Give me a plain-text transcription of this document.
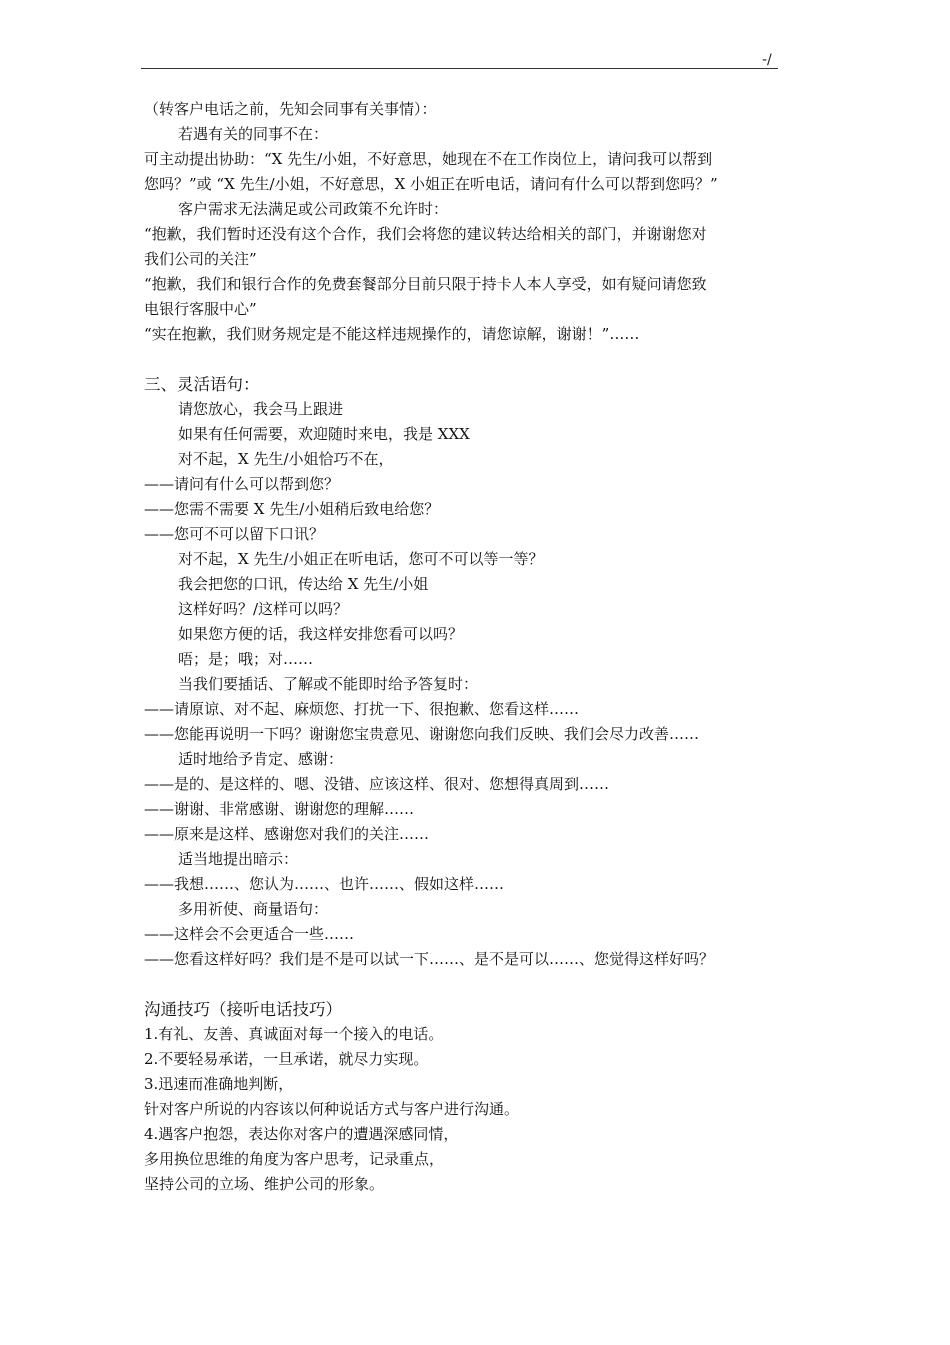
-/
（转客户电话之前，先知会同事有关事情）：
若遇有关的同事不在：
可主动提出协助：“X 先生/小姐，不好意思，她现在不在工作岗位上，请问我可以帮到
您吗？”或 “X 先生/小姐，不好意思，X 小姐正在听电话，请问有什么可以帮到您吗？”
客户需求无法满足或公司政策不允许时：
“抱歉，我们暂时还没有这个合作，我们会将您的建议转达给相关的部门，并谢谢您对
我们公司的关注”
“抱歉，我们和银行合作的免费套餐部分目前只限于持卡人本人享受，如有疑问请您致
电银行客服中心”
“实在抱歉，我们财务规定是不能这样违规操作的，请您谅解，谢谢！”……
三、灵活语句：
请您放心，我会马上跟进
如果有任何需要，欢迎随时来电，我是 XXX
对不起，X 先生/小姐恰巧不在，
——请问有什么可以帮到您？
——您需不需要 X 先生/小姐稍后致电给您？
——您可不可以留下口讯？
对不起，X 先生/小姐正在听电话，您可不可以等一等？
我会把您的口讯，传达给 X 先生/小姐
这样好吗？/这样可以吗？
如果您方便的话，我这样安排您看可以吗？
唔；是；哦；对……
当我们要插话、了解或不能即时给予答复时：
——请原谅、对不起、麻烦您、打扰一下、很抱歉、您看这样……
——您能再说明一下吗？谢谢您宝贵意见、谢谢您向我们反映、我们会尽力改善……
适时地给予肯定、感谢：
——是的、是这样的、嗯、没错、应该这样、很对、您想得真周到……
——谢谢、非常感谢、谢谢您的理解……
——原来是这样、感谢您对我们的关注……
适当地提出暗示：
——我想……、您认为……、也许……、假如这样……
多用祈使、商量语句：
——这样会不会更适合一些……
——您看这样好吗？我们是不是可以试一下……、是不是可以……、您觉得这样好吗？
沟通技巧（接听电话技巧）
1.有礼、友善、真诚面对每一个接入的电话。
2.不要轻易承诺，一旦承诺，就尽力实现。
3.迅速而准确地判断，
针对客户所说的内容该以何种说话方式与客户进行沟通。
4.遇客户抱怨，表达你对客户的遭遇深感同情，
多用换位思维的角度为客户思考，记录重点，
坚持公司的立场、维护公司的形象。
